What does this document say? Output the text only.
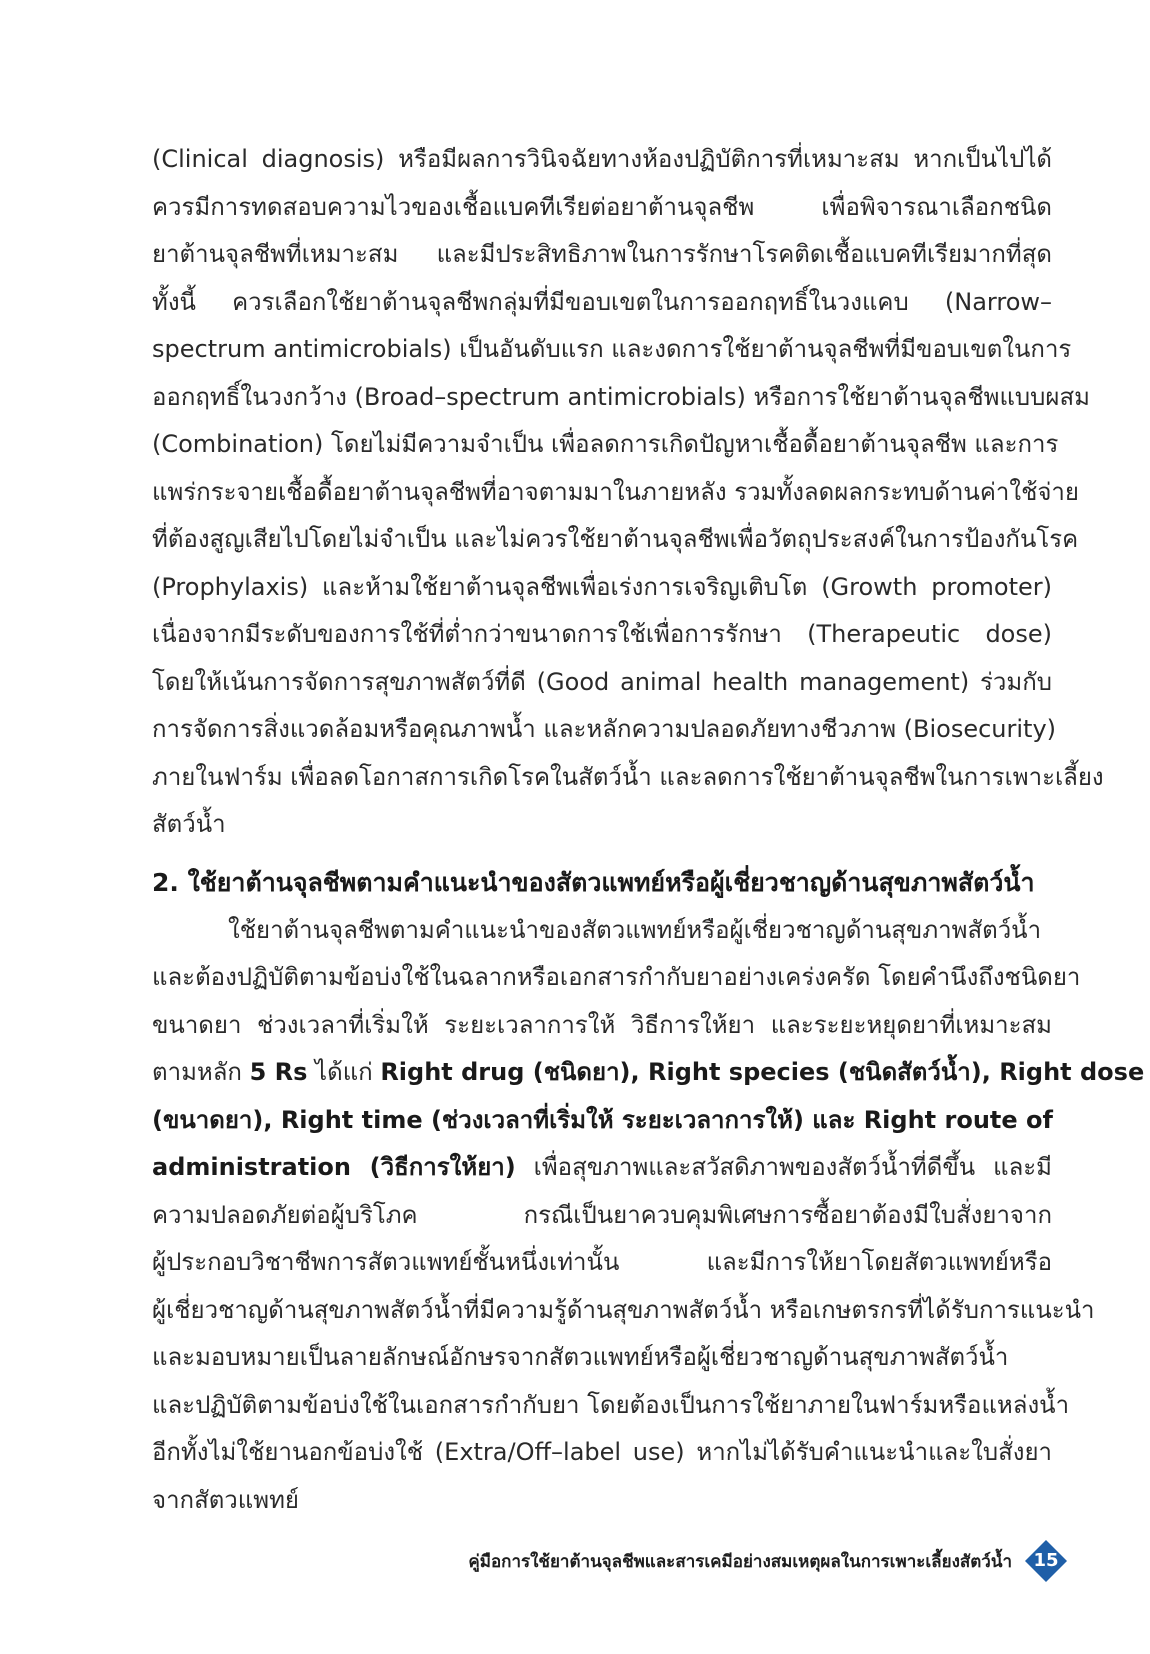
(Clinical diagnosis) หรือมีผลการวินิจฉัยทางห้องปฏิบัติการที่เหมาะสม หากเป็นไปได้
ควรมีการทดสอบความไวของเชื้อแบคทีเรียต่อยาต้านจุลชีพ เพื่อพิจารณาเลือกชนิด
ยาต้านจุลชีพที่เหมาะสม และมีประสิทธิภาพในการรักษาโรคติดเชื้อแบคทีเรียมากที่สุด
ทั้งนี้ ควรเลือกใช้ยาต้านจุลชีพกลุ่มที่มีขอบเขตในการออกฤทธิ์ในวงแคบ (Narrow–
spectrum antimicrobials) เป็นอันดับแรก และงดการใช้ยาต้านจุลชีพที่มีขอบเขตในการ
ออกฤทธิ์ในวงกว้าง (Broad–spectrum antimicrobials) หรือการใช้ยาต้านจุลชีพแบบผสม
(Combination) โดยไม่มีความจำเป็น เพื่อลดการเกิดปัญหาเชื้อดื้อยาต้านจุลชีพ และการ
แพร่กระจายเชื้อดื้อยาต้านจุลชีพที่อาจตามมาในภายหลัง รวมทั้งลดผลกระทบด้านค่าใช้จ่าย
ที่ต้องสูญเสียไปโดยไม่จำเป็น และไม่ควรใช้ยาต้านจุลชีพเพื่อวัตถุประสงค์ในการป้องกันโรค
(Prophylaxis) และห้ามใช้ยาต้านจุลชีพเพื่อเร่งการเจริญเติบโต (Growth promoter)
เนื่องจากมีระดับของการใช้ที่ต่ำกว่าขนาดการใช้เพื่อการรักษา (Therapeutic dose)
โดยให้เน้นการจัดการสุขภาพสัตว์ที่ดี (Good animal health management) ร่วมกับ
การจัดการสิ่งแวดล้อมหรือคุณภาพน้ำ และหลักความปลอดภัยทางชีวภาพ (Biosecurity)
ภายในฟาร์ม เพื่อลดโอกาสการเกิดโรคในสัตว์น้ำ และลดการใช้ยาต้านจุลชีพในการเพาะเลี้ยง
สัตว์น้ำ
2. ใช้ยาต้านจุลชีพตามคำแนะนำของสัตวแพทย์หรือผู้เชี่ยวชาญด้านสุขภาพสัตว์น้ำ
ใช้ยาต้านจุลชีพตามคำแนะนำของสัตวแพทย์หรือผู้เชี่ยวชาญด้านสุขภาพสัตว์น้ำ
และต้องปฏิบัติตามข้อบ่งใช้ในฉลากหรือเอกสารกำกับยาอย่างเคร่งครัด โดยคำนึงถึงชนิดยา
ขนาดยา ช่วงเวลาที่เริ่มให้ ระยะเวลาการให้ วิธีการให้ยา และระยะหยุดยาที่เหมาะสม
ตามหลัก 5 Rs ได้แก่ Right drug (ชนิดยา), Right species (ชนิดสัตว์น้ำ), Right dose
(ขนาดยา), Right time (ช่วงเวลาที่เริ่มให้ ระยะเวลาการให้) และ Right route of
administration (วิธีการให้ยา) เพื่อสุขภาพและสวัสดิภาพของสัตว์น้ำที่ดีขึ้น และมี
ความปลอดภัยต่อผู้บริโภค กรณีเป็นยาควบคุมพิเศษการซื้อยาต้องมีใบสั่งยาจาก
ผู้ประกอบวิชาชีพการสัตวแพทย์ชั้นหนึ่งเท่านั้น และมีการให้ยาโดยสัตวแพทย์หรือ
ผู้เชี่ยวชาญด้านสุขภาพสัตว์น้ำที่มีความรู้ด้านสุขภาพสัตว์น้ำ หรือเกษตรกรที่ได้รับการแนะนำ
และมอบหมายเป็นลายลักษณ์อักษรจากสัตวแพทย์หรือผู้เชี่ยวชาญด้านสุขภาพสัตว์น้ำ
และปฏิบัติตามข้อบ่งใช้ในเอกสารกำกับยา โดยต้องเป็นการใช้ยาภายในฟาร์มหรือแหล่งน้ำ
อีกทั้งไม่ใช้ยานอกข้อบ่งใช้ (Extra/Off–label use) หากไม่ได้รับคำแนะนำและใบสั่งยา
จากสัตวแพทย์
คู่มือการใช้ยาต้านจุลชีพและสารเคมีอย่างสมเหตุผลในการเพาะเลี้ยงสัตว์น้ำ	15
